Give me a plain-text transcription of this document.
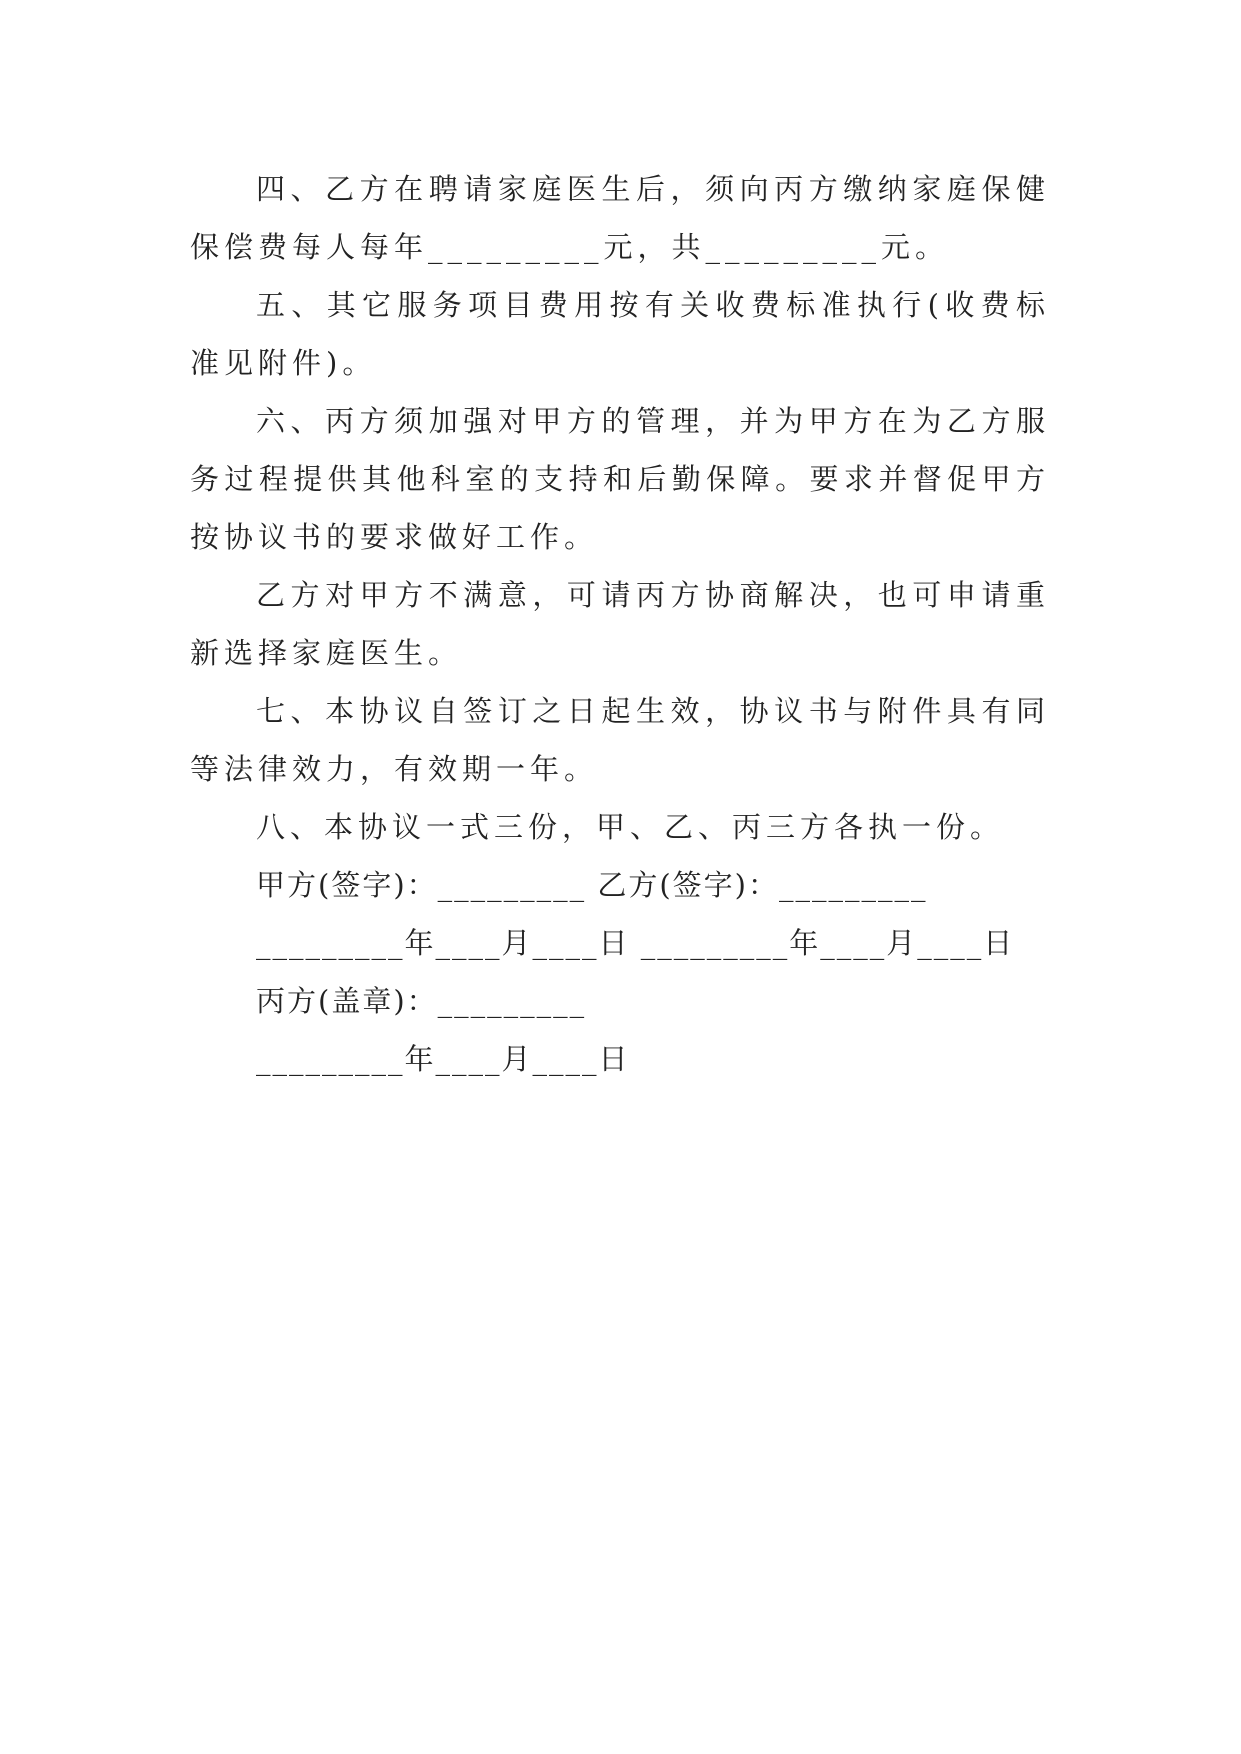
四、乙方在聘请家庭医生后，须向丙方缴纳家庭保健保偿费每人每年_________元，共_________元。

五、其它服务项目费用按有关收费标准执行(收费标准见附件)。

六、丙方须加强对甲方的管理，并为甲方在为乙方服务过程提供其他科室的支持和后勤保障。要求并督促甲方按协议书的要求做好工作。

乙方对甲方不满意，可请丙方协商解决，也可申请重新选择家庭医生。

七、本协议自签订之日起生效，协议书与附件具有同等法律效力，有效期一年。

八、本协议一式三份，甲、乙、丙三方各执一份。

甲方(签字)：_________ 乙方(签字)：_________

_________年____月____日 _________年____月____日

丙方(盖章)：_________

_________年____月____日
